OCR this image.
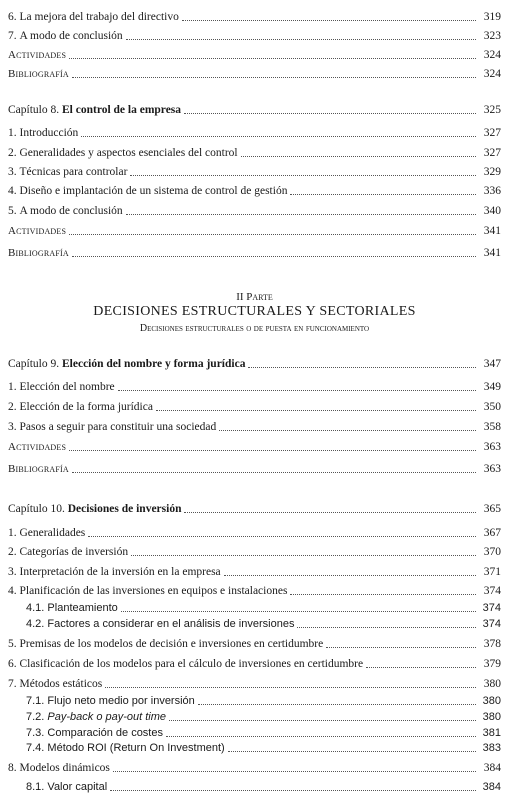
6.
La mejora del trabajo del directivo	319
7.
A modo de conclusión	323
Actividades	324
Bibliografía	324
Capítulo 8.
El control de la empresa	325
1.
Introducción	327
2.
Generalidades y aspectos esenciales del control	327
3.
Técnicas para controlar	329
4.
Diseño e implantación de un sistema de control de gestión	336
5.
A modo de conclusión	340
Actividades	341
Bibliografía	341
II Parte
DECISIONES ESTRUCTURALES Y SECTORIALES
Decisiones estructurales o de puesta en funcionamiento
Capítulo 9.
Elección del nombre y forma jurídica	347
1.
Elección del nombre	349
2.
Elección de la forma jurídica	350
3.
Pasos a seguir para constituir una sociedad	358
Actividades	363
Bibliografía	363
Capítulo 10.
Decisiones de inversión	365
1.
Generalidades	367
2.
Categorías de inversión	370
3.
Interpretación de la inversión en la empresa	371
4.
Planificación de las inversiones en equipos e instalaciones	374
4.1.
Planteamiento	374
4.2.
Factores a considerar en el análisis de inversiones	374
5.
Premisas de los modelos de decisión e inversiones en certidumbre	378
6.
Clasificación de los modelos para el cálculo de inversiones en certidumbre	379
7.
Métodos estáticos	380
7.1.
Flujo neto medio por inversión	380
7.2.
Pay-back o pay-out time	380
7.3.
Comparación de costes	381
7.4.
Método ROI (Return On Investment)	383
8.
Modelos dinámicos	384
8.1.
Valor capital	384
